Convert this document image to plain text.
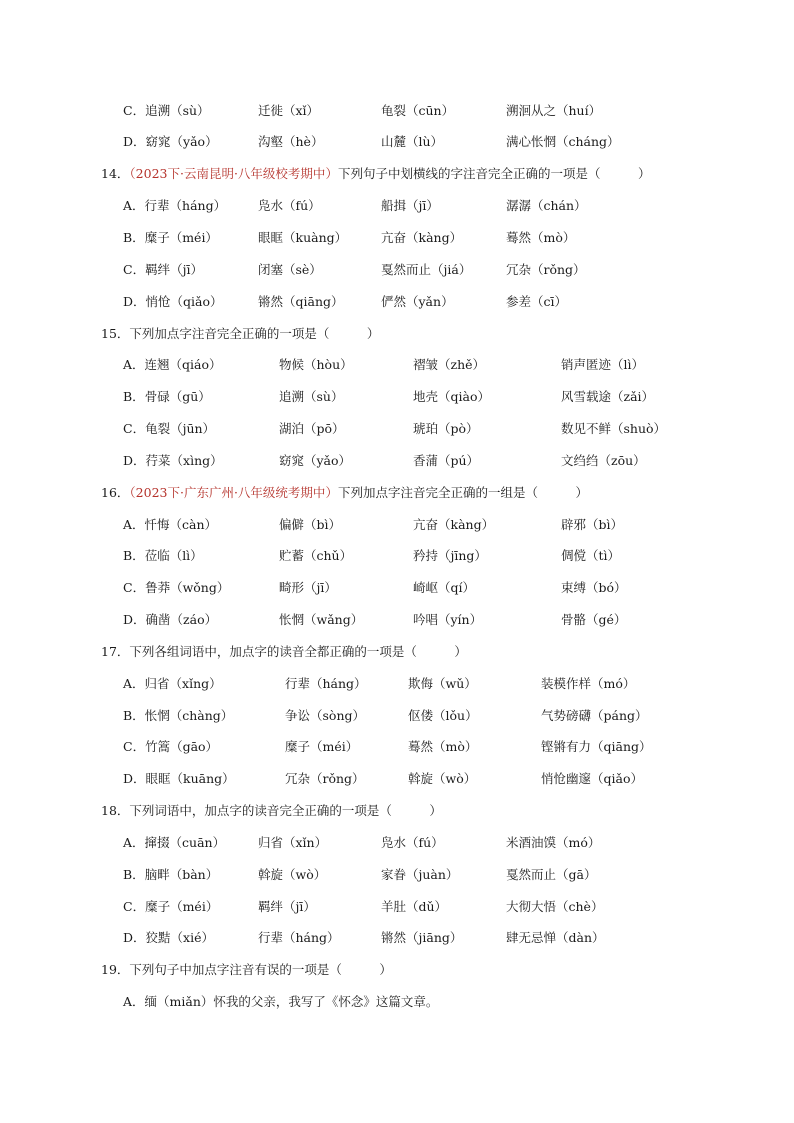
C．追溯（sù）	迁徙（xǐ）	龟裂（cūn）	溯洄从之（huí）
D．窈窕（yǎo）	沟壑（hè）	山麓（lù）	满心怅惘（cháng）
14．（2023下·云南昆明·八年级校考期中）下列句子中划横线的字注音完全正确的一项是（　　　）
A．行辈（háng）	凫水（fú）	船揖（jī）	潺潺（chán）
B．糜子（méi）	眼眶（kuàng）	亢奋（kàng）	蓦然（mò）
C．羁绊（jī）	闭塞（sè）	戛然而止（jiá）	冗杂（rǒng）
D．悄怆（qiǎo）	锵然（qiāng）	俨然（yǎn）	参差（cī）
15．下列加点字注音完全正确的一项是（　　　）
A．连翘（qiáo）	物候（hòu）	褶皱（zhě）	销声匿迹（lì）
B．骨碌（gū）	追溯（sù）	地壳（qiào）	风雪载途（zǎi）
C．龟裂（jūn）	湖泊（pō）	琥珀（pò）	数见不鲜（shuò）
D．荇菜（xìng）	窈窕（yǎo）	香蒲（pú）	文绉绉（zōu）
16．（2023下·广东广州·八年级统考期中）下列加点字注音完全正确的一组是（　　　）
A．忏悔（càn）	偏僻（bì）	亢奋（kàng）	辟邪（bì）
B．莅临（lì）	贮蓄（chǔ）	矜持（jīng）	倜傥（tì）
C．鲁莽（wǒng）	畸形（jī）	崎岖（qí）	束缚（bó）
D．确凿（záo）	怅惘（wǎng）	吟唱（yín）	骨骼（gé）
17．下列各组词语中，加点字的读音全都正确的一项是（　　　）
A．归省（xǐng）	行辈（háng）	欺侮（wǔ）	装模作样（mó）
B．怅惘（chàng）	争讼（sòng）	伛偻（lǒu）	气势磅礴（páng）
C．竹篙（gāo）	糜子（méi）	蓦然（mò）	铿锵有力（qiāng）
D．眼眶（kuāng）	冗杂（rǒng）	斡旋（wò）	悄怆幽邃（qiǎo）
18．下列词语中，加点字的读音完全正确的一项是（　　　）
A．撺掇（cuān）	归省（xǐn）	凫水（fú）	米酒油馍（mó）
B．脑畔（bàn）	斡旋（wò）	家眷（juàn）	戛然而止（gā）
C．糜子（méi）	羁绊（jī）	羊肚（dǔ）	大彻大悟（chè）
D．狡黠（xié）	行辈（háng）	锵然（jiāng）	肆无忌惮（dàn）
19．下列句子中加点字注音有误的一项是（　　　）
A．缅（miǎn）怀我的父亲，我写了《怀念》这篇文章。
